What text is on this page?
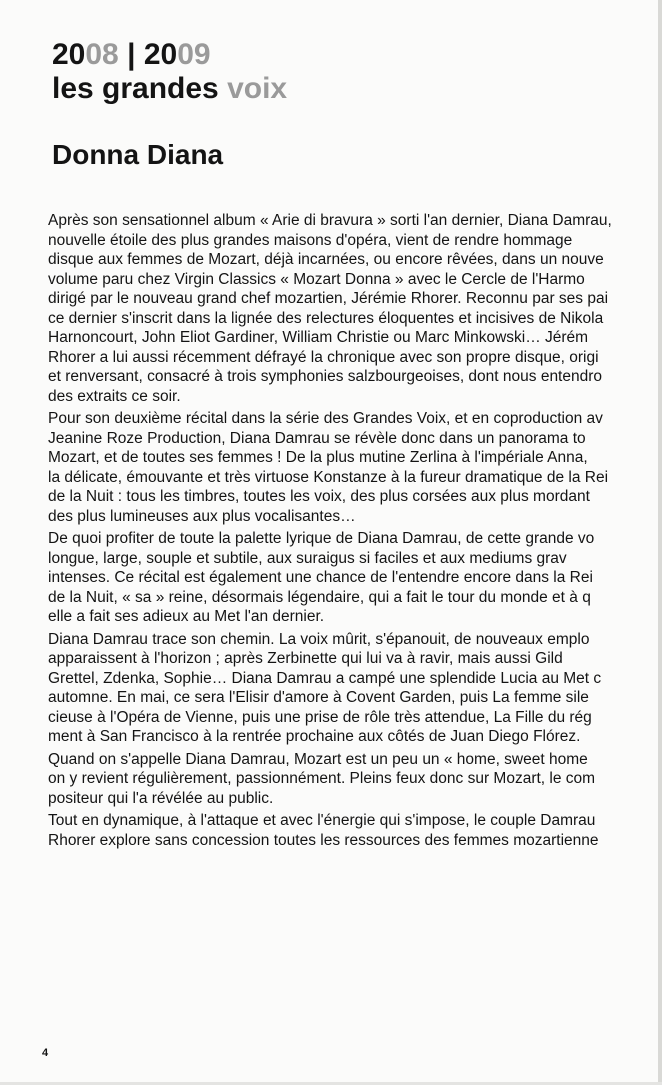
2008 | 2009
les grandes voix
Donna Diana
Après son sensationnel album « Arie di bravura » sorti l'an dernier, Diana Damrau,
nouvelle étoile des plus grandes maisons d'opéra, vient de rendre hommage
disque aux femmes de Mozart, déjà incarnées, ou encore rêvées, dans un nouve
volume paru chez Virgin Classics « Mozart Donna » avec le Cercle de l'Harmo
dirigé par le nouveau grand chef mozartien, Jérémie Rhorer. Reconnu par ses pai
ce dernier s'inscrit dans la lignée des relectures éloquentes et incisives de Nikola
Harnoncourt, John Eliot Gardiner, William Christie ou Marc Minkowski… Jérém
Rhorer a lui aussi récemment défrayé la chronique avec son propre disque, origi
et renversant, consacré à trois symphonies salzbourgeoises, dont nous entendro
des extraits ce soir.
Pour son deuxième récital dans la série des Grandes Voix, et en coproduction av
Jeanine Roze Production, Diana Damrau se révèle donc dans un panorama to
Mozart, et de toutes ses femmes ! De la plus mutine Zerlina à l'impériale Anna,
la délicate, émouvante et très virtuose Konstanze à la fureur dramatique de la Rei
de la Nuit : tous les timbres, toutes les voix, des plus corsées aux plus mordant
des plus lumineuses aux plus vocalisantes…
De quoi profiter de toute la palette lyrique de Diana Damrau, de cette grande vo
longue, large, souple et subtile, aux suraigus si faciles et aux mediums grav
intenses. Ce récital est également une chance de l'entendre encore dans la Rei
de la Nuit, « sa » reine, désormais légendaire, qui a fait le tour du monde et à q
elle a fait ses adieux au Met l'an dernier.
Diana Damrau trace son chemin. La voix mûrit, s'épanouit, de nouveaux emplo
apparaissent à l'horizon ; après Zerbinette qui lui va à ravir, mais aussi Gild
Grettel, Zdenka, Sophie… Diana Damrau a campé une splendide Lucia au Met c
automne. En mai, ce sera l'Elisir d'amore à Covent Garden, puis La femme sile
cieuse à l'Opéra de Vienne, puis une prise de rôle très attendue, La Fille du rég
ment à San Francisco à la rentrée prochaine aux côtés de Juan Diego Flórez.
Quand on s'appelle Diana Damrau, Mozart est un peu un « home, sweet home
on y revient régulièrement, passionnément. Pleins feux donc sur Mozart, le com
positeur qui l'a révélée au public.
Tout en dynamique, à l'attaque et avec l'énergie qui s'impose, le couple Damrau
Rhorer explore sans concession toutes les ressources des femmes mozartienne
4
